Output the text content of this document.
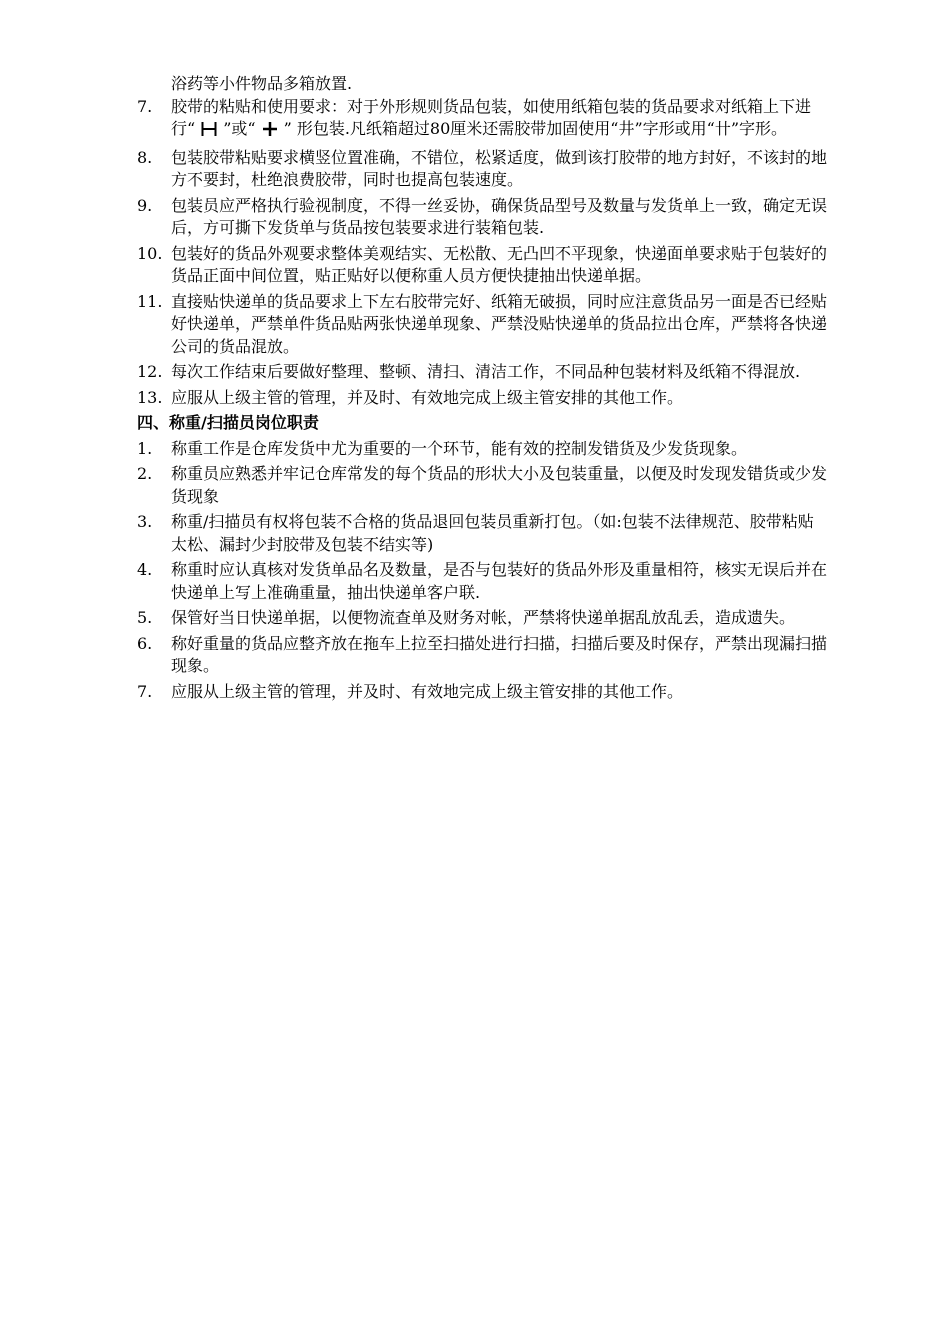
浴药等小件物品多箱放置.
7.	胶带的粘贴和使用要求：对于外形规则货品包装，如使用纸箱包装的货品要求对纸箱上下进行“ ”或“ ” 形包装.凡纸箱超过80厘米还需胶带加固使用“井”字形或用“卄”字形。
8.	包装胶带粘贴要求横竖位置准确，不错位，松紧适度，做到该打胶带的地方封好，不该封的地方不要封，杜绝浪费胶带，同时也提高包装速度。
9.	包装员应严格执行验视制度，不得一丝妥协，确保货品型号及数量与发货单上一致，确定无误后，方可撕下发货单与货品按包装要求进行装箱包装.
10. 包装好的货品外观要求整体美观结实、无松散、无凸凹不平现象，快递面单要求贴于包装好的货品正面中间位置，贴正贴好以便称重人员方便快捷抽出快递单据。
11. 直接贴快递单的货品要求上下左右胶带完好、纸箱无破损，同时应注意货品另一面是否已经贴好快递单，严禁单件货品贴两张快递单现象、严禁没贴快递单的货品拉出仓库，严禁将各快递公司的货品混放。
12. 每次工作结束后要做好整理、整顿、清扫、清洁工作，不同品种包装材料及纸箱不得混放.
13. 应服从上级主管的管理，并及时、有效地完成上级主管安排的其他工作。
四、称重/扫描员岗位职责
1.	称重工作是仓库发货中尤为重要的一个环节，能有效的控制发错货及少发货现象。
2.	称重员应熟悉并牢记仓库常发的每个货品的形状大小及包装重量，以便及时发现发错货或少发货现象
3.	称重/扫描员有权将包装不合格的货品退回包装员重新打包。（如:包装不法律规范、胶带粘贴太松、漏封少封胶带及包装不结实等)
4.	称重时应认真核对发货单品名及数量，是否与包装好的货品外形及重量相符，核实无误后并在快递单上写上准确重量，抽出快递单客户联.
5.	保管好当日快递单据，以便物流查单及财务对帐，严禁将快递单据乱放乱丢，造成遗失。
6.	称好重量的货品应整齐放在拖车上拉至扫描处进行扫描，扫描后要及时保存，严禁出现漏扫描现象。
7.	应服从上级主管的管理，并及时、有效地完成上级主管安排的其他工作。
